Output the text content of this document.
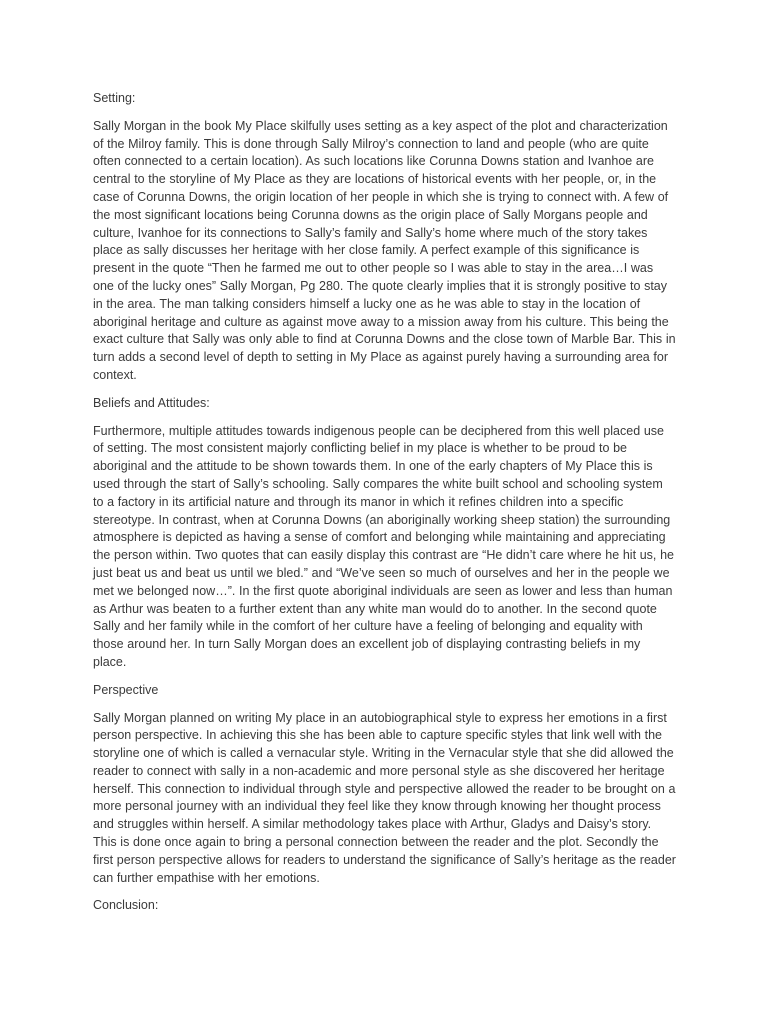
Setting:

Sally Morgan in the book My Place skilfully uses setting as a key aspect of the plot and characterization of the Milroy family. This is done through Sally Milroy’s connection to land and people (who are quite often connected to a certain location). As such locations like Corunna Downs station and Ivanhoe are central to the storyline of My Place as they are locations of historical events with her people, or, in the case of Corunna Downs, the origin location of her people in which she is trying to connect with. A few of the most significant locations being Corunna downs as the origin place of Sally Morgans people and culture, Ivanhoe for its connections to Sally’s family and Sally’s home where much of the story takes place as sally discusses her heritage with her close family. A perfect example of this significance is present in the quote “Then he farmed me out to other people so I was able to stay in the area…I was one of the lucky ones” Sally Morgan, Pg 280. The quote clearly implies that it is strongly positive to stay in the area. The man talking considers himself a lucky one as he was able to stay in the location of aboriginal heritage and culture as against move away to a mission away from his culture. This being the exact culture that Sally was only able to find at Corunna Downs and the close town of Marble Bar. This in turn adds a second level of depth to setting in My Place as against purely having a surrounding area for context.

Beliefs and Attitudes:

Furthermore, multiple attitudes towards indigenous people can be deciphered from this well placed use of setting. The most consistent majorly conflicting belief in my place is whether to be proud to be aboriginal and the attitude to be shown towards them. In one of the early chapters of My Place this is used through the start of Sally’s schooling. Sally compares the white built school and schooling system to a factory in its artificial nature and through its manor in which it refines children into a specific stereotype. In contrast, when at Corunna Downs (an aboriginally working sheep station) the surrounding atmosphere is depicted as having a sense of comfort and belonging while maintaining and appreciating the person within. Two quotes that can easily display this contrast are “He didn’t care where he hit us, he just beat us and beat us until we bled.” and “We’ve seen so much of ourselves and her in the people we met we belonged now…”. In the first quote aboriginal individuals are seen as lower and less than human as Arthur was beaten to a further extent than any white man would do to another. In the second quote Sally and her family while in the comfort of her culture have a feeling of belonging and equality with those around her. In turn Sally Morgan does an excellent job of displaying contrasting beliefs in my place.

Perspective

Sally Morgan planned on writing My place in an autobiographical style to express her emotions in a first person perspective. In achieving this she has been able to capture specific styles that link well with the storyline one of which is called a vernacular style. Writing in the Vernacular style that she did allowed the reader to connect with sally in a non-academic and more personal style as she discovered her heritage herself. This connection to individual through style and perspective allowed the reader to be brought on a more personal journey with an individual they feel like they know through knowing her thought process and struggles within herself. A similar methodology takes place with Arthur, Gladys and Daisy’s story. This is done once again to bring a personal connection between the reader and the plot. Secondly the first person perspective allows for readers to understand the significance of Sally’s heritage as the reader can further empathise with her emotions.

Conclusion:
